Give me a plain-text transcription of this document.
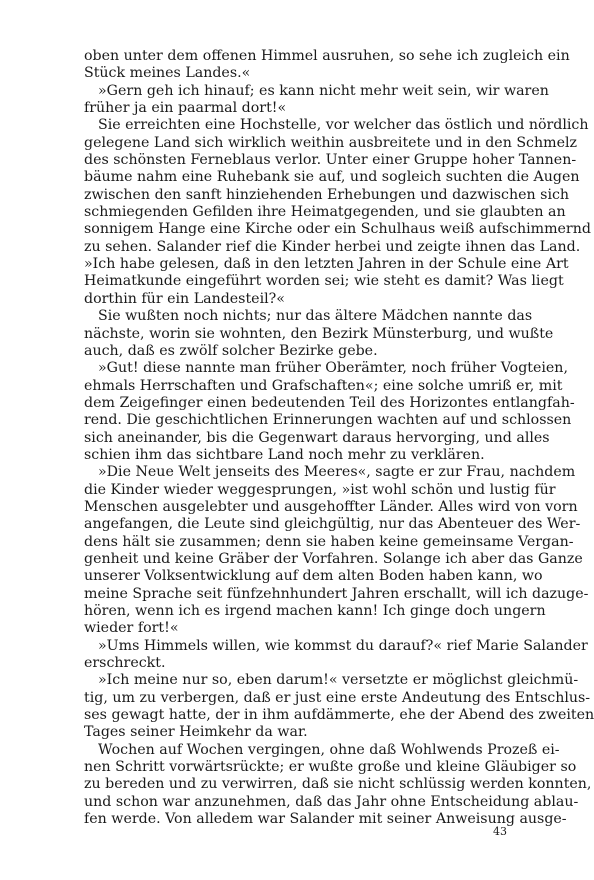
oben unter dem offenen Himmel ausruhen, so sehe ich zugleich ein
Stück meines Landes.«
»Gern geh ich hinauf; es kann nicht mehr weit sein, wir waren
früher ja ein paarmal dort!«
Sie erreichten eine Hochstelle, vor welcher das östlich und nördlich
gelegene Land sich wirklich weithin ausbreitete und in den Schmelz
des schönsten Ferneblaus verlor. Unter einer Gruppe hoher Tannen-
bäume nahm eine Ruhebank sie auf, und sogleich suchten die Augen
zwischen den sanft hinziehenden Erhebungen und dazwischen sich
schmiegenden Gefilden ihre Heimatgegenden, und sie glaubten an
sonnigem Hange eine Kirche oder ein Schulhaus weiß aufschimmernd
zu sehen. Salander rief die Kinder herbei und zeigte ihnen das Land.
»Ich habe gelesen, daß in den letzten Jahren in der Schule eine Art
Heimatkunde eingeführt worden sei; wie steht es damit? Was liegt
dorthin für ein Landesteil?«
Sie wußten noch nichts; nur das ältere Mädchen nannte das
nächste, worin sie wohnten, den Bezirk Münsterburg, und wußte
auch, daß es zwölf solcher Bezirke gebe.
»Gut! diese nannte man früher Oberämter, noch früher Vogteien,
ehmals Herrschaften und Grafschaften«; eine solche umriß er, mit
dem Zeigefinger einen bedeutenden Teil des Horizontes entlangfah-
rend. Die geschichtlichen Erinnerungen wachten auf und schlossen
sich aneinander, bis die Gegenwart daraus hervorging, und alles
schien ihm das sichtbare Land noch mehr zu verklären.
»Die Neue Welt jenseits des Meeres«, sagte er zur Frau, nachdem
die Kinder wieder weggesprungen, »ist wohl schön und lustig für
Menschen ausgelebter und ausgehoffter Länder. Alles wird von vorn
angefangen, die Leute sind gleichgültig, nur das Abenteuer des Wer-
dens hält sie zusammen; denn sie haben keine gemeinsame Vergan-
genheit und keine Gräber der Vorfahren. Solange ich aber das Ganze
unserer Volksentwicklung auf dem alten Boden haben kann, wo
meine Sprache seit fünfzehnhundert Jahren erschallt, will ich dazuge-
hören, wenn ich es irgend machen kann! Ich ginge doch ungern
wieder fort!«
»Ums Himmels willen, wie kommst du darauf?« rief Marie Salander
erschreckt.
»Ich meine nur so, eben darum!« versetzte er möglichst gleichmü-
tig, um zu verbergen, daß er just eine erste Andeutung des Entschlus-
ses gewagt hatte, der in ihm aufdämmerte, ehe der Abend des zweiten
Tages seiner Heimkehr da war.
Wochen auf Wochen vergingen, ohne daß Wohlwends Prozeß ei-
nen Schritt vorwärtsrückte; er wußte große und kleine Gläubiger so
zu bereden und zu verwirren, daß sie nicht schlüssig werden konnten,
und schon war anzunehmen, daß das Jahr ohne Entscheidung ablau-
fen werde. Von alledem war Salander mit seiner Anweisung ausge-
43
